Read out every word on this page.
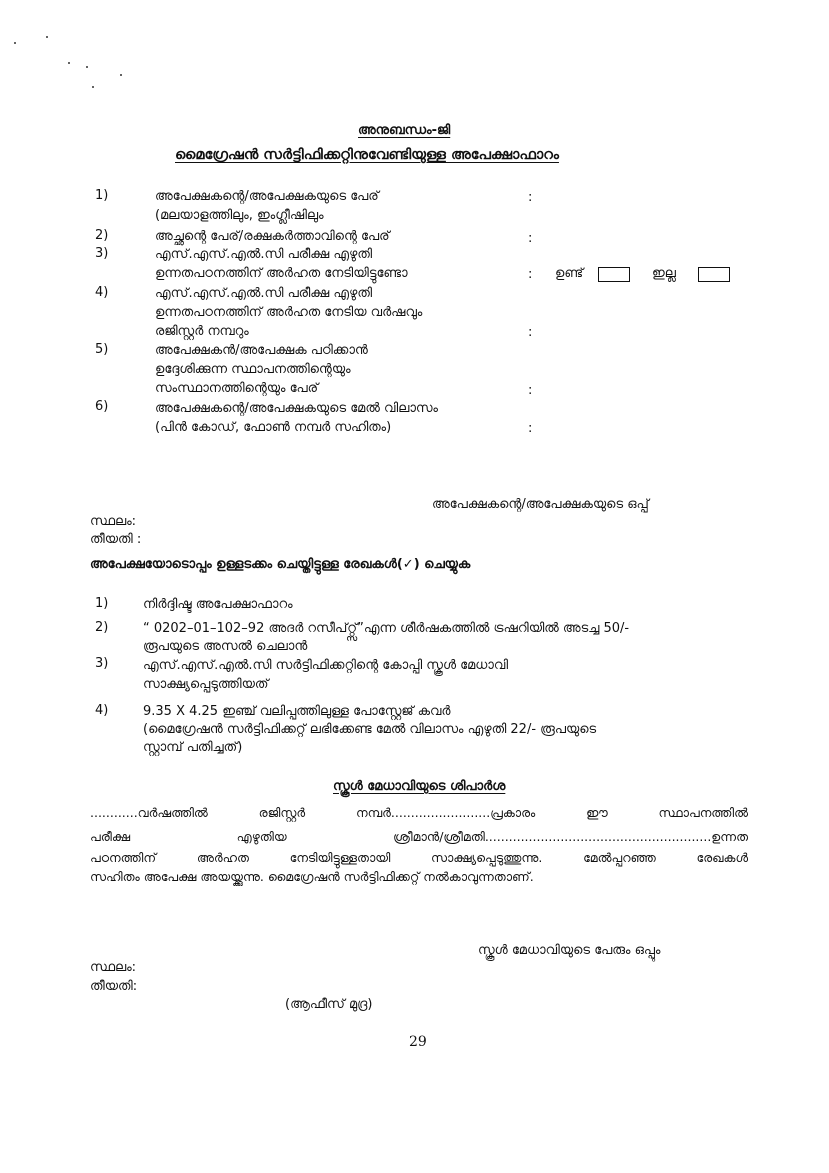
അനുബന്ധം-ജി
മൈഗ്രേഷൻ സർട്ടിഫിക്കറ്റിനുവേണ്ടിയുള്ള അപേക്ഷാഫാറം
1)	അപേക്ഷകന്റെ/അപേക്ഷകയുടെ പേര്
(മലയാളത്തിലും, ഇംഗ്ലീഷിലും
:
2)	അച്ഛന്റെ പേര്/രക്ഷകർത്താവിന്റെ പേര്	:
3)	എസ്.എസ്.എൽ.സി പരീക്ഷ എഴുതി
ഉന്നതപഠനത്തിന് അർഹത നേടിയിട്ടുണ്ടോ	: ഉണ്ട്	ഇല്ല
4)	എസ്.എസ്.എൽ.സി പരീക്ഷ എഴുതി
ഉന്നതപഠനത്തിന് അർഹത നേടിയ വർഷവും
രജിസ്റ്റർ നമ്പറും	:
5)	അപേക്ഷകൻ/അപേക്ഷക പഠിക്കാൻ
ഉദ്ദേശിക്കുന്ന സ്ഥാപനത്തിന്റെയും
സംസ്ഥാനത്തിന്റെയും പേര്	:
6)	അപേക്ഷകന്റെ/അപേക്ഷകയുടെ മേൽ വിലാസം
(പിൻ കോഡ്, ഫോൺ നമ്പർ സഹിതം)	:
അപേക്ഷകന്റെ/അപേക്ഷകയുടെ ഒപ്പ്
സ്ഥലം:
തീയതി :
അപേക്ഷയോടൊപ്പം ഉള്ളടക്കം ചെയ്തിട്ടുള്ള രേഖകൾ(✓) ചെയ്യുക
1)	നിർദ്ദിഷ്ട അപേക്ഷാഫാറം
2)	“ 0202–01–102–92 അദർ റസീപ്റ്റ്സ്”എന്ന ശീർഷകത്തിൽ ട്രഷറിയിൽ അടച്ച 50/-
രൂപയുടെ അസൽ ചെലാൻ
3)	എസ്.എസ്.എൽ.സി സർട്ടിഫിക്കറ്റിന്റെ കോപ്പി സ്കൂൾ മേധാവി
സാക്ഷ്യപ്പെടുത്തിയത്
4)	9.35 X 4.25 ഇഞ്ച് വലിപ്പത്തിലുള്ള പോസ്റ്റേജ് കവർ
(മൈഗ്രേഷൻ സർട്ടിഫിക്കറ്റ് ലഭിക്കേണ്ട മേൽ വിലാസം എഴുതി 22/- രൂപയുടെ
സ്റ്റാമ്പ് പതിച്ചത്)
സ്കൂൾ മേധാവിയുടെ ശിപാർശ
............വർഷത്തിൽ രജിസ്റ്റർ നമ്പർ.........................പ്രകാരം ഈ സ്ഥാപനത്തിൽ
പരീക്ഷ എഴുതിയ ശ്രീമാൻ/ശ്രീമതി.........................................................ഉന്നത
പഠനത്തിന് അർഹത നേടിയിട്ടുള്ളതായി സാക്ഷ്യപ്പെടുത്തുന്നു. മേൽപ്പറഞ്ഞ രേഖകൾ
സഹിതം അപേക്ഷ അയയ്ക്കുന്നു. മൈഗ്രേഷൻ സർട്ടിഫിക്കറ്റ് നൽകാവുന്നതാണ്.
സ്കൂൾ മേധാവിയുടെ പേരും ഒപ്പും
സ്ഥലം:
തീയതി:
(ആഫീസ് മുദ്ര)
29
